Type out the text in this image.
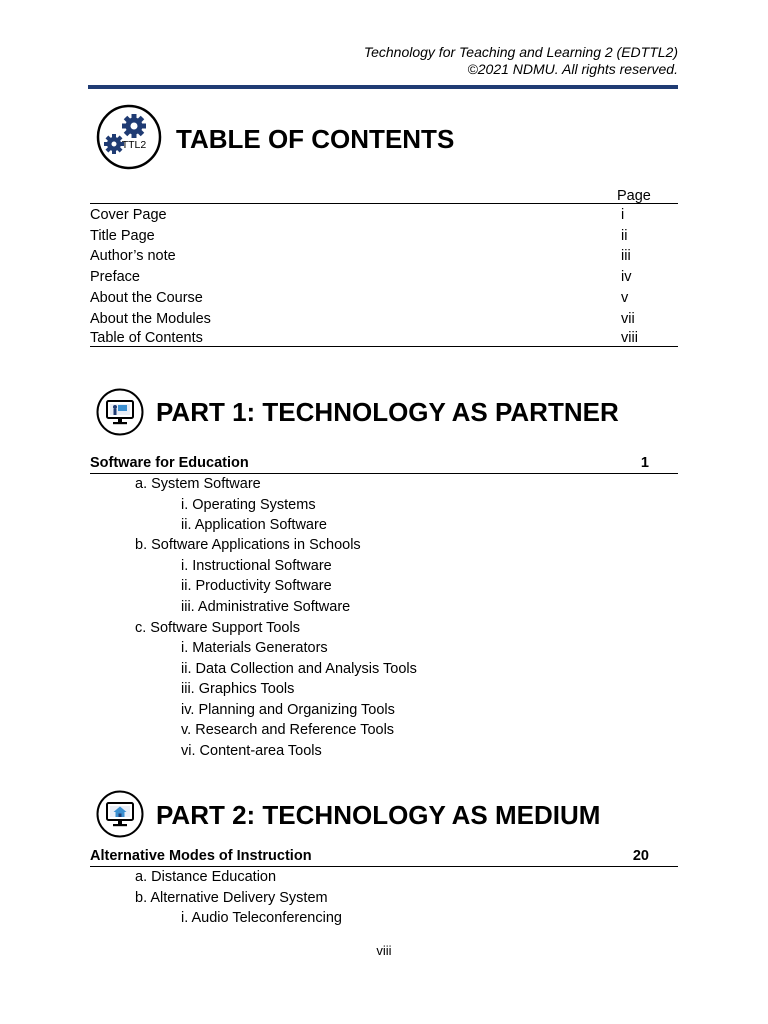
Technology for Teaching and Learning 2 (EDTTL2)
©2021 NDMU. All rights reserved.
TTL2 TABLE OF CONTENTS
Page
Cover Page	i
Title Page	ii
Author’s note	iii
Preface	iv
About the Course	v
About the Modules	vii
Table of Contents	viii
PART 1: TECHNOLOGY AS PARTNER
Software for Education	1
a. System Software
i. Operating Systems
ii. Application Software
b. Software Applications in Schools
i. Instructional Software
ii. Productivity Software
iii. Administrative Software
c. Software Support Tools
i. Materials Generators
ii. Data Collection and Analysis Tools
iii. Graphics Tools
iv. Planning and Organizing Tools
v. Research and Reference Tools
vi. Content-area Tools
PART 2: TECHNOLOGY AS MEDIUM
Alternative Modes of Instruction	20
a. Distance Education
b. Alternative Delivery System
i. Audio Teleconferencing
viii
